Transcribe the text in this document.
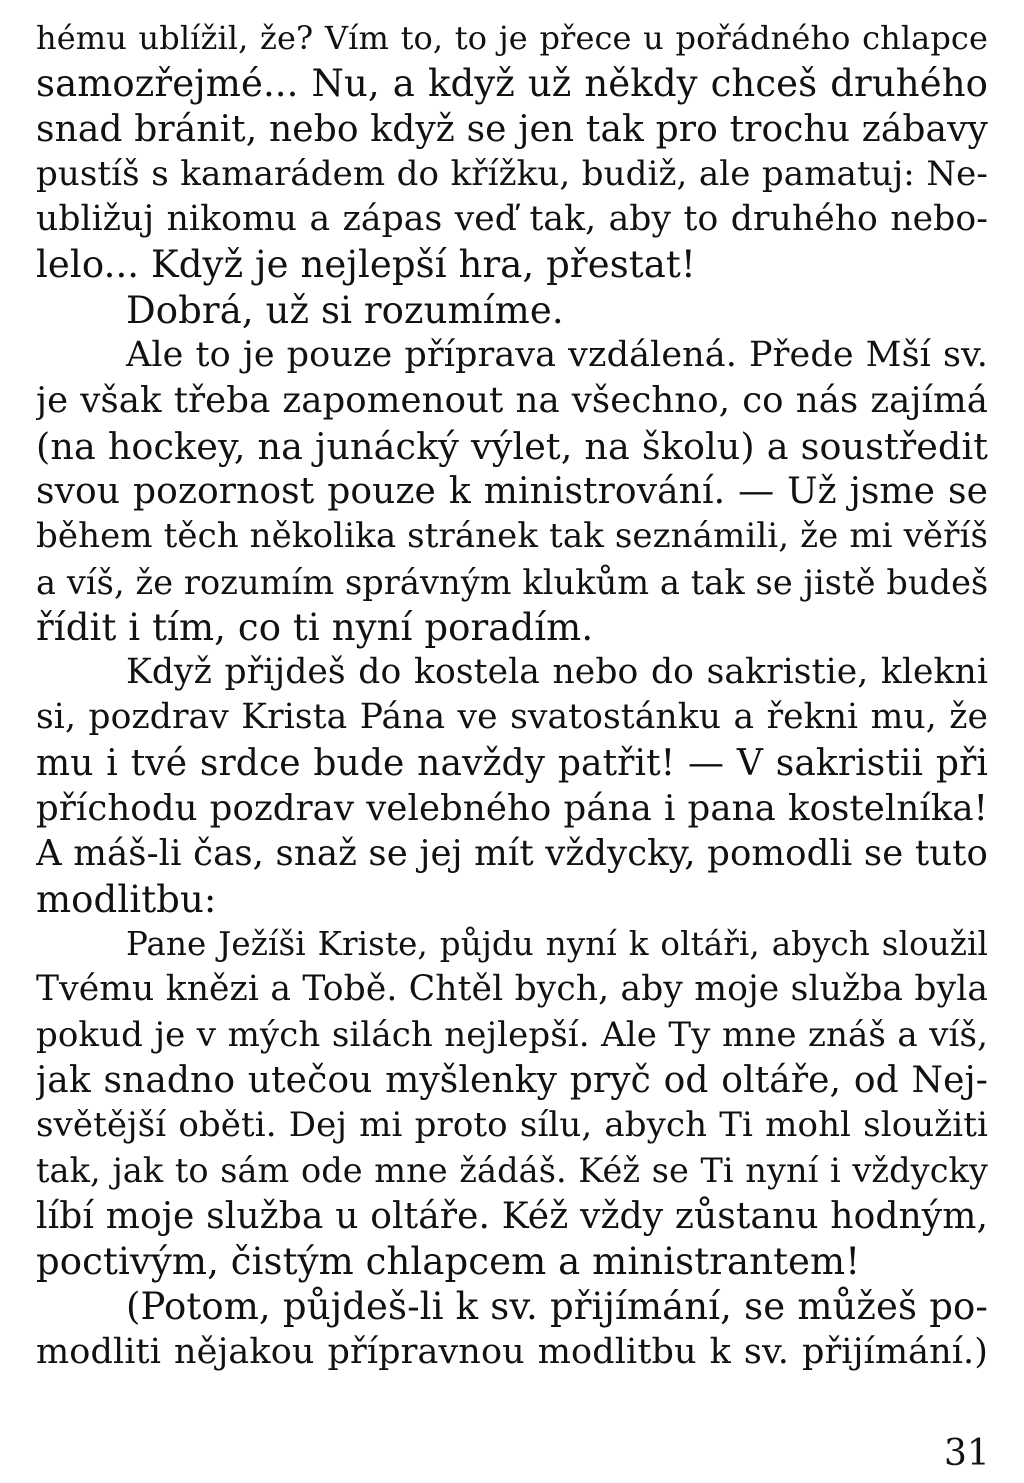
hému ublížil, že? Vím to, to je přece u pořádného chlapce
samozřejmé... Nu, a když už někdy chceš druhého
snad bránit, nebo když se jen tak pro trochu zábavy
pustíš s kamarádem do křížku, budiž, ale pamatuj: Ne-
ubližuj nikomu a zápas veď tak, aby to druhého nebo-
lelo... Když je nejlepší hra, přestat!
Dobrá, už si rozumíme.
Ale to je pouze příprava vzdálená. Přede Mší sv.
je však třeba zapomenout na všechno, co nás zajímá
(na hockey, na junácký výlet, na školu) a soustředit
svou pozornost pouze k ministrování. — Už jsme se
během těch několika stránek tak seznámili, že mi věříš
a víš, že rozumím správným klukům a tak se jistě budeš
řídit i tím, co ti nyní poradím.
Když přijdeš do kostela nebo do sakristie, klekni
si, pozdrav Krista Pána ve svatostánku a řekni mu, že
mu i tvé srdce bude navždy patřit! — V sakristii při
příchodu pozdrav velebného pána i pana kostelníka!
A máš-li čas, snaž se jej mít vždycky, pomodli se tuto
modlitbu:
Pane Ježíši Kriste, půjdu nyní k oltáři, abych sloužil
Tvému knězi a Tobě. Chtěl bych, aby moje služba byla
pokud je v mých silách nejlepší. Ale Ty mne znáš a víš,
jak snadno utečou myšlenky pryč od oltáře, od Nej-
světější oběti. Dej mi proto sílu, abych Ti mohl sloužiti
tak, jak to sám ode mne žádáš. Kéž se Ti nyní i vždycky
líbí moje služba u oltáře. Kéž vždy zůstanu hodným,
poctivým, čistým chlapcem a ministrantem!
(Potom, půjdeš-li k sv. přijímání, se můžeš po-
modliti nějakou přípravnou modlitbu k sv. přijímání.)
31
